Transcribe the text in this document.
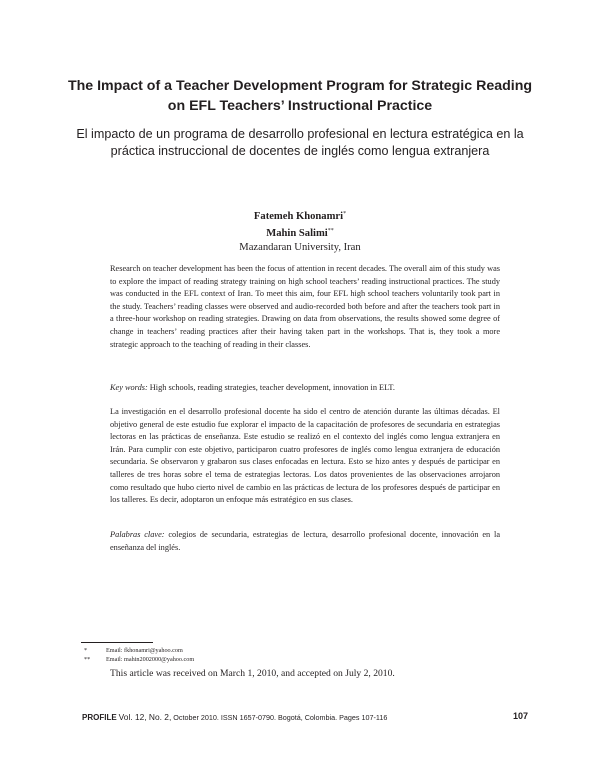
The Impact of a Teacher Development Program for Strategic Reading
on EFL Teachers’ Instructional Practice
El impacto de un programa de desarrollo profesional en lectura estratégica en la
práctica instruccional de docentes de inglés como lengua extranjera
Fatemeh Khonamri*
Mahin Salimi**
Mazandaran University, Iran

Research on teacher development has been the focus of attention in recent decades. The overall aim of this study was to explore the impact of reading strategy training on high school teachers’ reading instructional practices. The study was conducted in the EFL context of Iran. To meet this aim, four EFL high school teachers voluntarily took part in the study. Teachers’ reading classes were observed and audio-recorded both before and after the teachers took part in a three-hour workshop on reading strategies. Drawing on data from observations, the results showed some degree of change in teachers’ reading practices after their having taken part in the workshops. That is, they took a more strategic approach to the teaching of reading in their classes.

Key words: High schools, reading strategies, teacher development, innovation in ELT.

La investigación en el desarrollo profesional docente ha sido el centro de atención durante las últimas décadas. El objetivo general de este estudio fue explorar el impacto de la capacitación de profesores de secundaria en estrategias lectoras en las prácticas de enseñanza. Este estudio se realizó en el contexto del inglés como lengua extranjera en Irán. Para cumplir con este objetivo, participaron cuatro profesores de inglés como lengua extranjera de educación secundaria. Se observaron y grabaron sus clases enfocadas en lectura. Esto se hizo antes y después de participar en talleres de tres horas sobre el tema de estrategias lectoras. Los datos provenientes de las observaciones arrojaron como resultado que hubo cierto nivel de cambio en las prácticas de lectura de los profesores después de participar en los talleres. Es decir, adoptaron un enfoque más estratégico en sus clases.

Palabras clave: colegios de secundaria, estrategias de lectura, desarrollo profesional docente, innovación en la enseñanza del inglés.

*	Email: fkhonamri@yahoo.com
**	Email: mahin2002000@yahoo.com
This article was received on March 1, 2010, and accepted on July 2, 2010.
PROFILE Vol. 12, No. 2, October 2010. ISSN 1657-0790. Bogotá, Colombia. Pages 107-116	107
